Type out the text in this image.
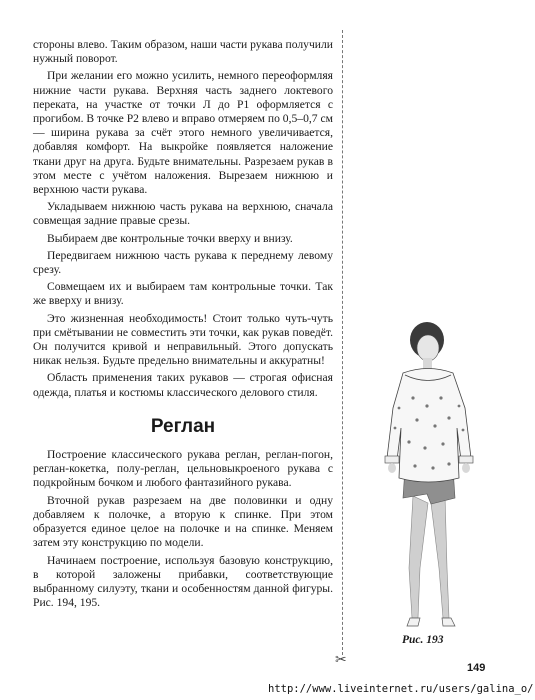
стороны влево. Таким образом, наши части рукава получили нужный поворот.

При желании его можно усилить, немного переоформляя нижние части рукава. Верхняя часть заднего локтевого переката, на участке от точки Л до Р1 оформляется с прогибом. В точке Р2 влево и вправо отмеряем по 0,5–0,7 см — ширина рукава за счёт этого немного увеличивается, добавляя комфорт. На выкройке появляется наложение ткани друг на друга. Будьте внимательны. Разрезаем рукав в этом месте с учётом наложения. Вырезаем нижнюю и верхнюю части рукава.

Укладываем нижнюю часть рукава на верхнюю, сначала совмещая задние правые срезы.

Выбираем две контрольные точки вверху и внизу.

Передвигаем нижнюю часть рукава к переднему левому срезу.

Совмещаем их и выбираем там контрольные точки. Так же вверху и внизу.

Это жизненная необходимость! Стоит только чуть-чуть при смётывании не совместить эти точки, как рукав поведёт. Он получится кривой и неправильный. Этого допускать никак нельзя. Будьте предельно внимательны и аккуратны!

Область применения таких рукавов — строгая офисная одежда, платья и костюмы классического делового стиля.

Реглан

Построение классического рукава реглан, реглан-погон, реглан-кокетка, полу-реглан, цельновыкроеного рукава с подкройным бочком и любого фантазийного рукава.

Вточной рукав разрезаем на две половинки и одну добавляем к полочке, а вторую к спинке. При этом образуется единое целое на полочке и на спинке. Меняем затем эту конструкцию по модели.

Начинаем построение, используя базовую конструкцию, в которой заложены прибавки, соответствующие выбранному силуэту, ткани и особенностям данной фигуры. Рис. 194, 195.

✂
Рис. 193
149
http://www.liveinternet.ru/users/galina_o/
